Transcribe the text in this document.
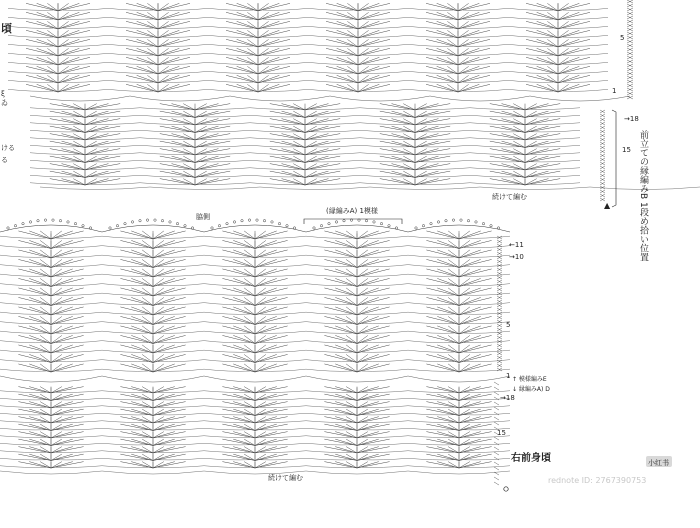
頃
ξ
ゐ
ける
る
5
1
→18
15
▲	前立ての縁編みB 1段め拾い位置
続けて編む
脇側
(縁編みA) 1模様
←11
→10
5
1 ↑ 模様編みE
↓ 縁編みA) D
→18
15
続けて編む
右前身頃	小红书
rednote ID: 2767390753
